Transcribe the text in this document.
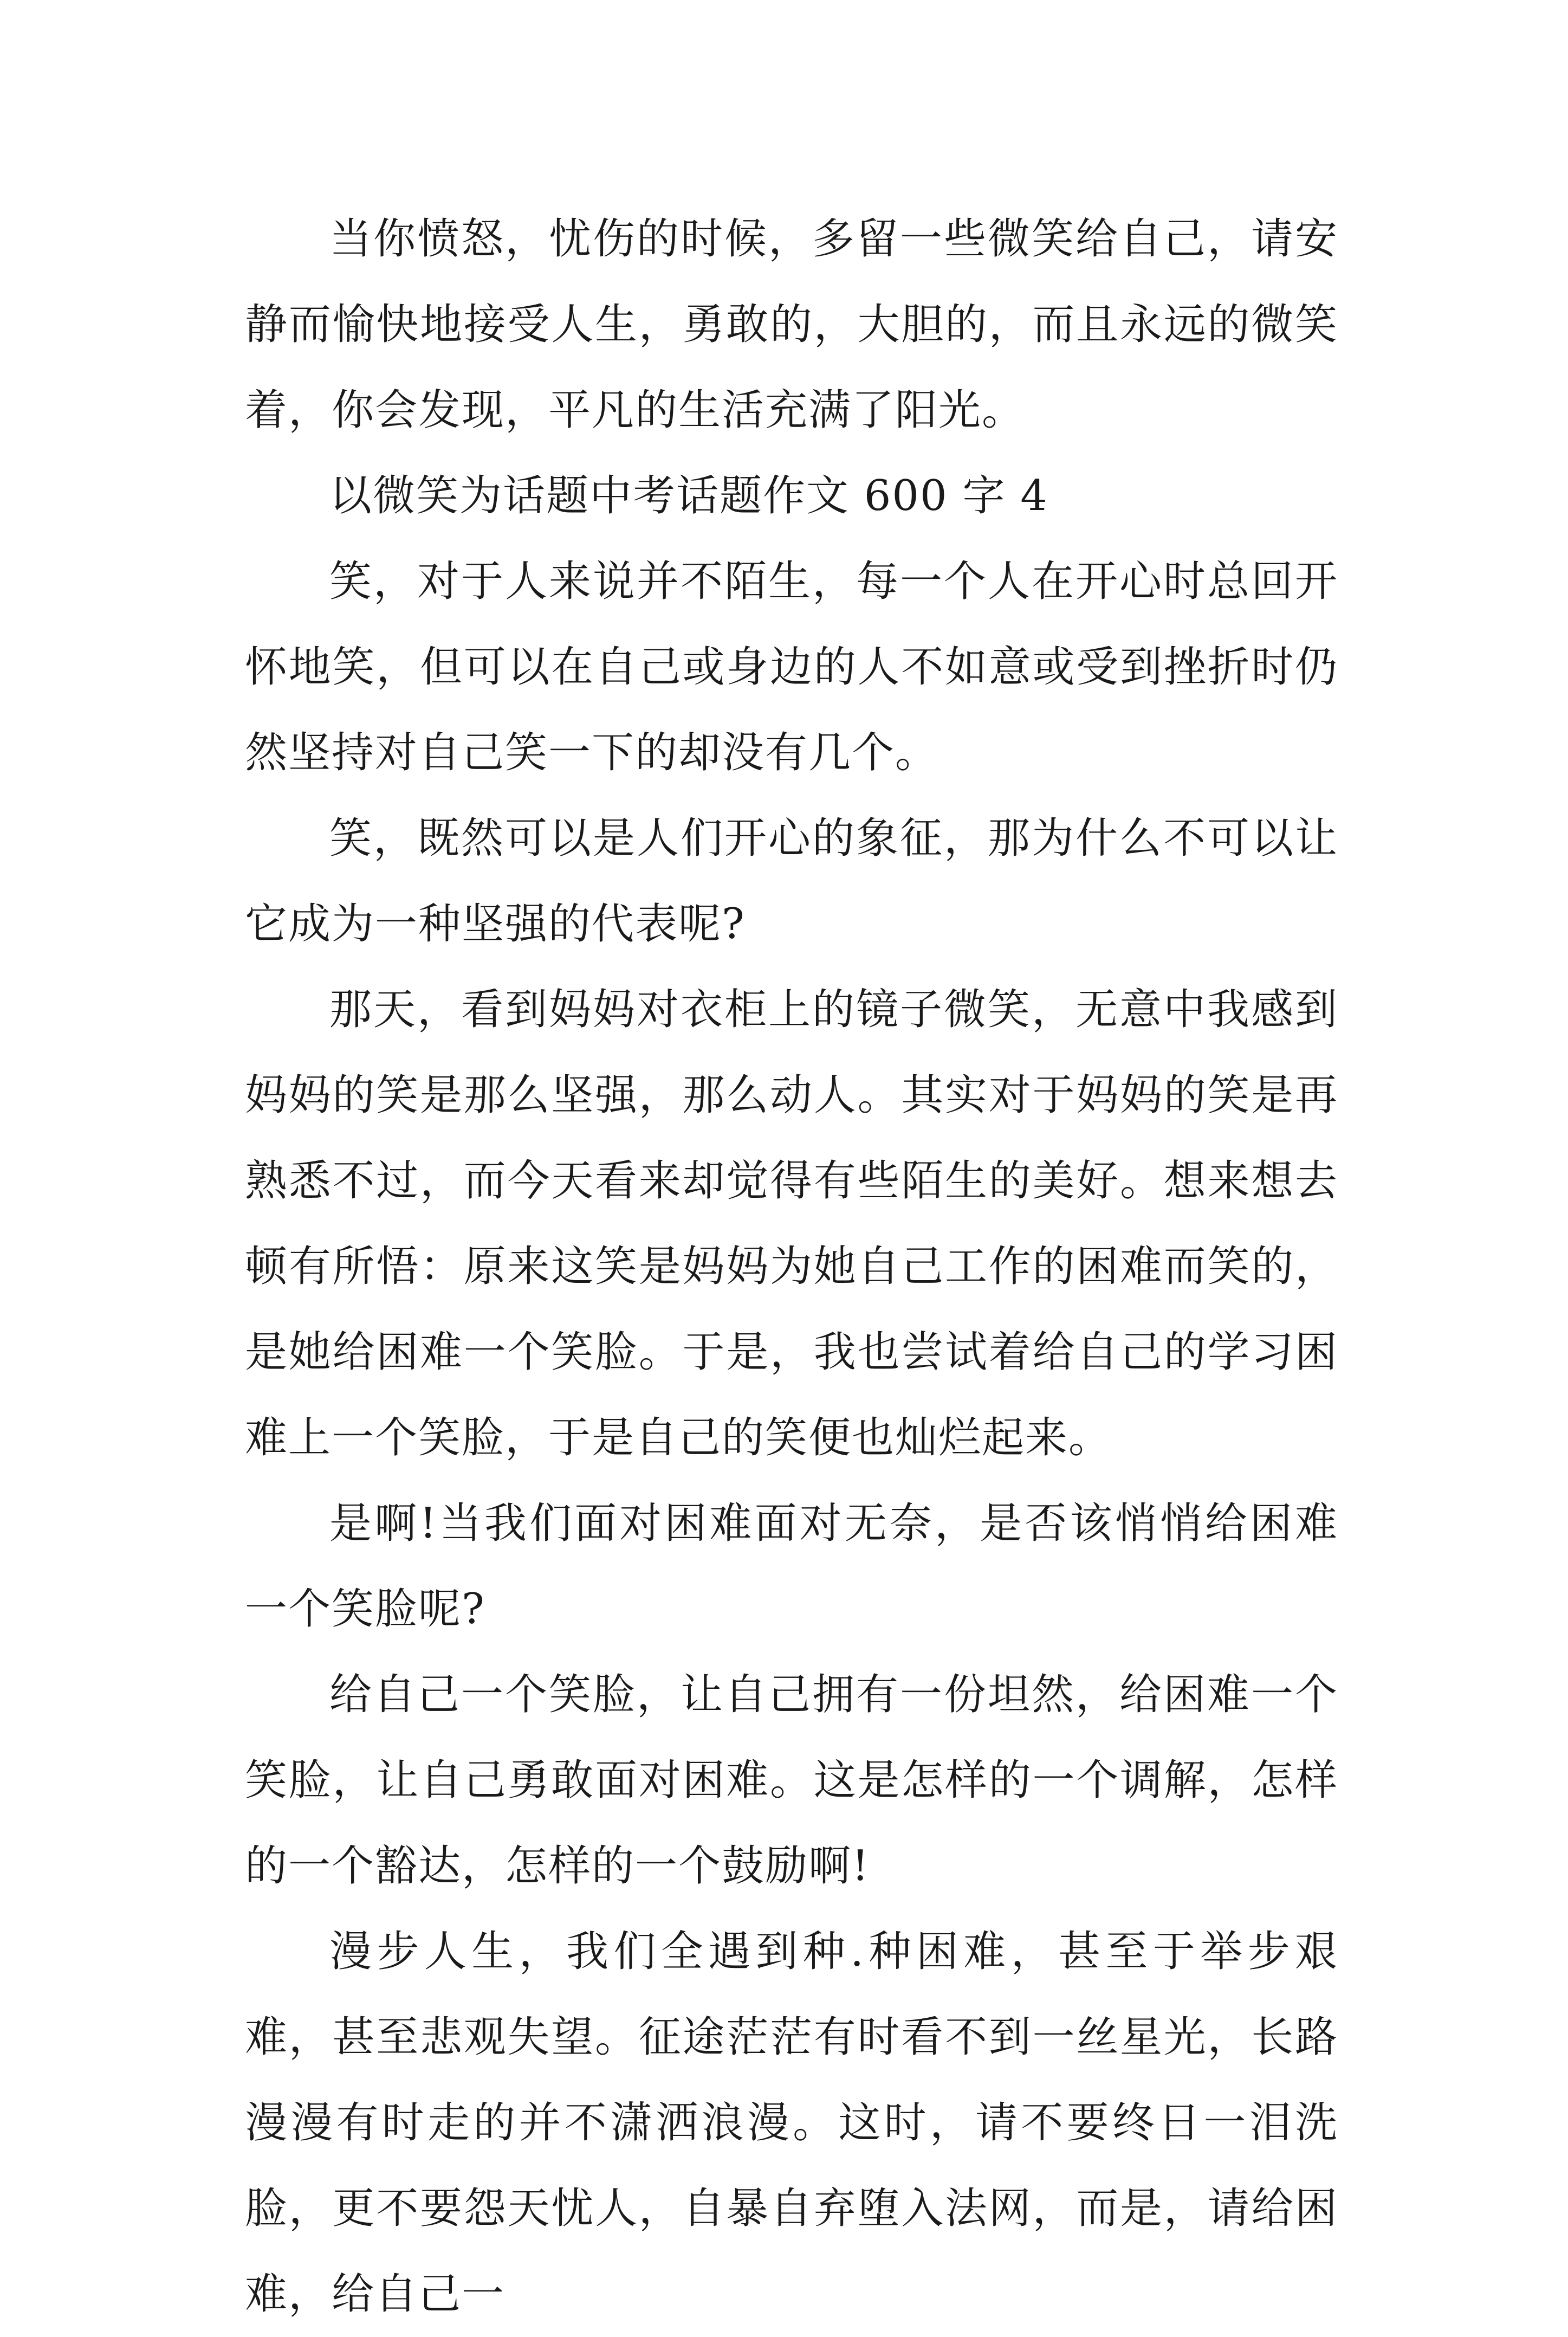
当你愤怒，忧伤的时候，多留一些微笑给自己，请安静而愉快地接受人生，勇敢的，大胆的，而且永远的微笑着，你会发现，平凡的生活充满了阳光。

以微笑为话题中考话题作文 600 字 4

笑，对于人来说并不陌生，每一个人在开心时总回开怀地笑，但可以在自己或身边的人不如意或受到挫折时仍然坚持对自己笑一下的却没有几个。

笑，既然可以是人们开心的象征，那为什么不可以让它成为一种坚强的代表呢?

那天，看到妈妈对衣柜上的镜子微笑，无意中我感到妈妈的笑是那么坚强，那么动人。其实对于妈妈的笑是再熟悉不过，而今天看来却觉得有些陌生的美好。想来想去顿有所悟：原来这笑是妈妈为她自己工作的困难而笑的，是她给困难一个笑脸。于是，我也尝试着给自己的学习困难上一个笑脸，于是自己的笑便也灿烂起来。

是啊!当我们面对困难面对无奈，是否该悄悄给困难一个笑脸呢?

给自己一个笑脸，让自己拥有一份坦然，给困难一个笑脸，让自己勇敢面对困难。这是怎样的一个调解，怎样的一个豁达，怎样的一个鼓励啊!

漫步人生，我们全遇到种.种困难，甚至于举步艰难，甚至悲观失望。征途茫茫有时看不到一丝星光，长路漫漫有时走的并不潇洒浪漫。这时，请不要终日一泪洗脸，更不要怨天忧人，自暴自弃堕入法网，而是，请给困难，给自己一
